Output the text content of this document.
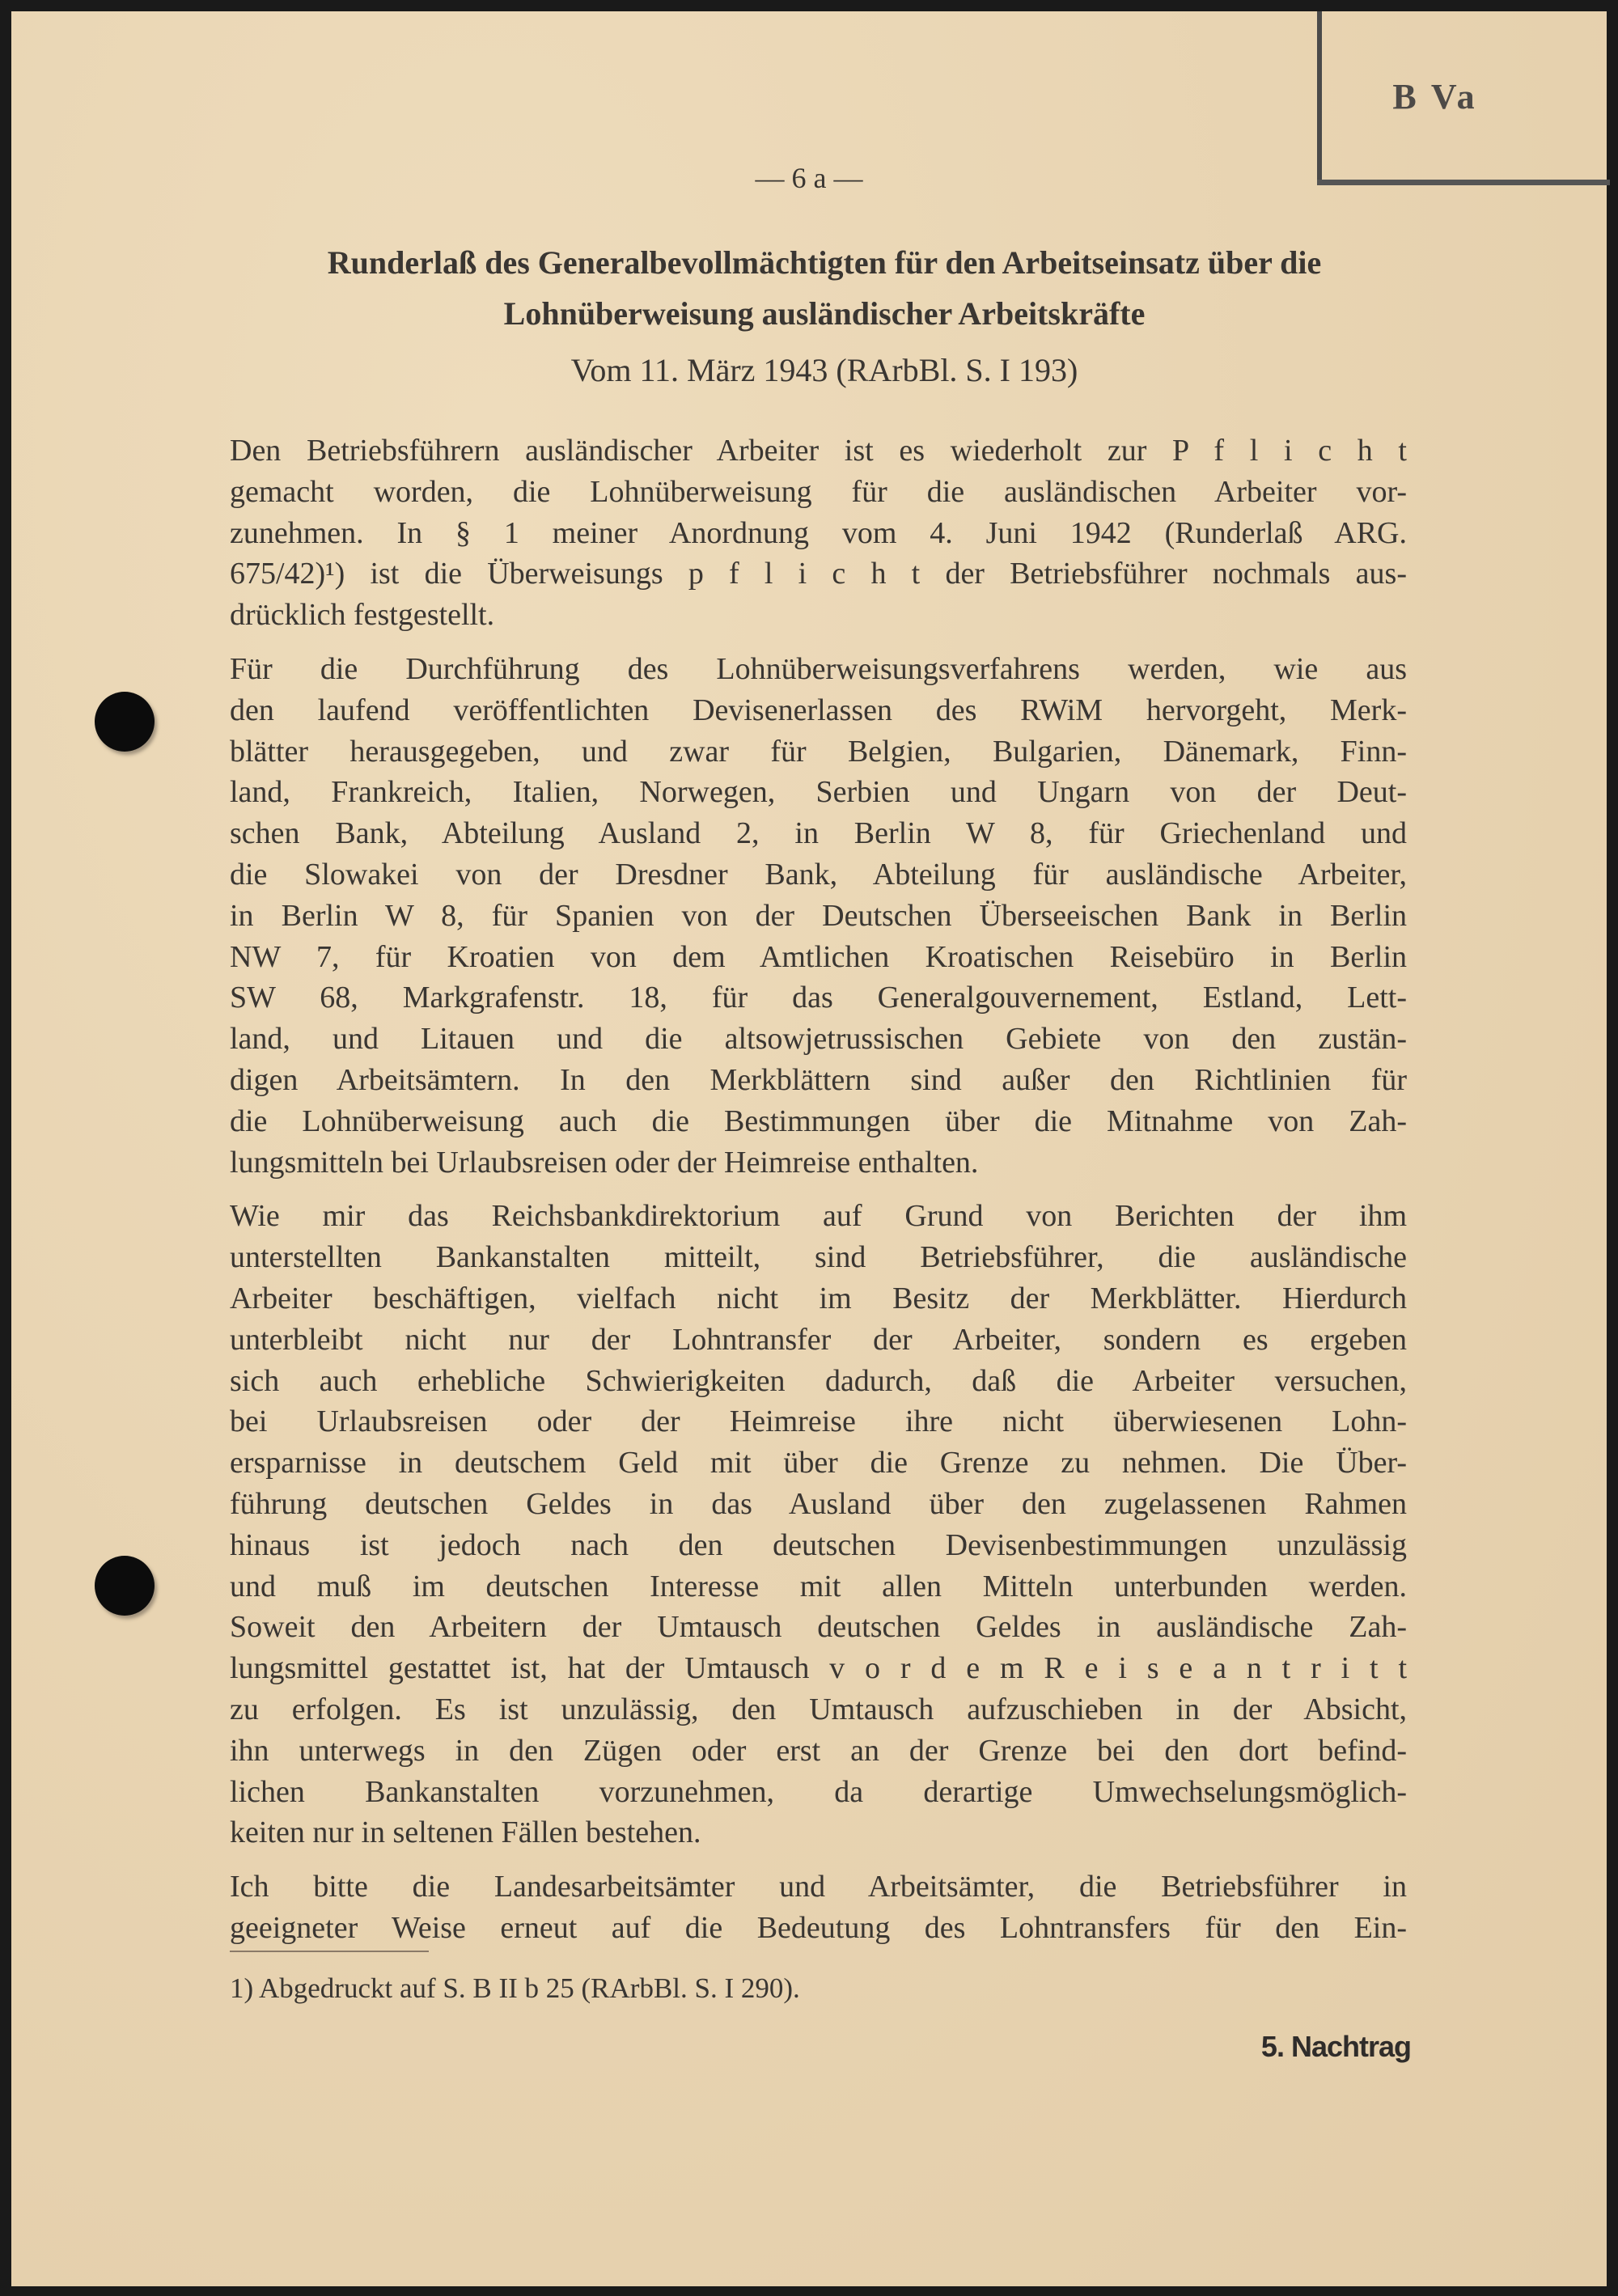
B Va
— 6 a —
Runderlaß des Generalbevollmächtigten für den Arbeitseinsatz über die
Lohnüberweisung ausländischer Arbeitskräfte
Vom 11. März 1943 (RArbBl. S. I 193)
Den Betriebsführern ausländischer Arbeiter ist es wiederholt zur P f l i c h t
gemacht worden, die Lohnüberweisung für die ausländischen Arbeiter vor-
zunehmen. In § 1 meiner Anordnung vom 4. Juni 1942 (Runderlaß ARG.
675/42)¹) ist die Überweisungs p f l i c h t der Betriebsführer nochmals aus-
drücklich festgestellt.
Für die Durchführung des Lohnüberweisungsverfahrens werden, wie aus
den laufend veröffentlichten Devisenerlassen des RWiM hervorgeht, Merk-
blätter herausgegeben, und zwar für Belgien, Bulgarien, Dänemark, Finn-
land, Frankreich, Italien, Norwegen, Serbien und Ungarn von der Deut-
schen Bank, Abteilung Ausland 2, in Berlin W 8, für Griechenland und
die Slowakei von der Dresdner Bank, Abteilung für ausländische Arbeiter,
in Berlin W 8, für Spanien von der Deutschen Überseeischen Bank in Berlin
NW 7, für Kroatien von dem Amtlichen Kroatischen Reisebüro in Berlin
SW 68, Markgrafenstr. 18, für das Generalgouvernement, Estland, Lett-
land, und Litauen und die altsowjetrussischen Gebiete von den zustän-
digen Arbeitsämtern. In den Merkblättern sind außer den Richtlinien für
die Lohnüberweisung auch die Bestimmungen über die Mitnahme von Zah-
lungsmitteln bei Urlaubsreisen oder der Heimreise enthalten.
Wie mir das Reichsbankdirektorium auf Grund von Berichten der ihm
unterstellten Bankanstalten mitteilt, sind Betriebsführer, die ausländische
Arbeiter beschäftigen, vielfach nicht im Besitz der Merkblätter. Hierdurch
unterbleibt nicht nur der Lohntransfer der Arbeiter, sondern es ergeben
sich auch erhebliche Schwierigkeiten dadurch, daß die Arbeiter versuchen,
bei Urlaubsreisen oder der Heimreise ihre nicht überwiesenen Lohn-
ersparnisse in deutschem Geld mit über die Grenze zu nehmen. Die Über-
führung deutschen Geldes in das Ausland über den zugelassenen Rahmen
hinaus ist jedoch nach den deutschen Devisenbestimmungen unzulässig
und muß im deutschen Interesse mit allen Mitteln unterbunden werden.
Soweit den Arbeitern der Umtausch deutschen Geldes in ausländische Zah-
lungsmittel gestattet ist, hat der Umtausch v o r d e m R e i s e a n t r i t t
zu erfolgen. Es ist unzulässig, den Umtausch aufzuschieben in der Absicht,
ihn unterwegs in den Zügen oder erst an der Grenze bei den dort befind-
lichen Bankanstalten vorzunehmen, da derartige Umwechselungsmöglich-
keiten nur in seltenen Fällen bestehen.
Ich bitte die Landesarbeitsämter und Arbeitsämter, die Betriebsführer in
geeigneter Weise erneut auf die Bedeutung des Lohntransfers für den Ein-
1) Abgedruckt auf S. B II b 25 (RArbBl. S. I 290).
5. Nachtrag
